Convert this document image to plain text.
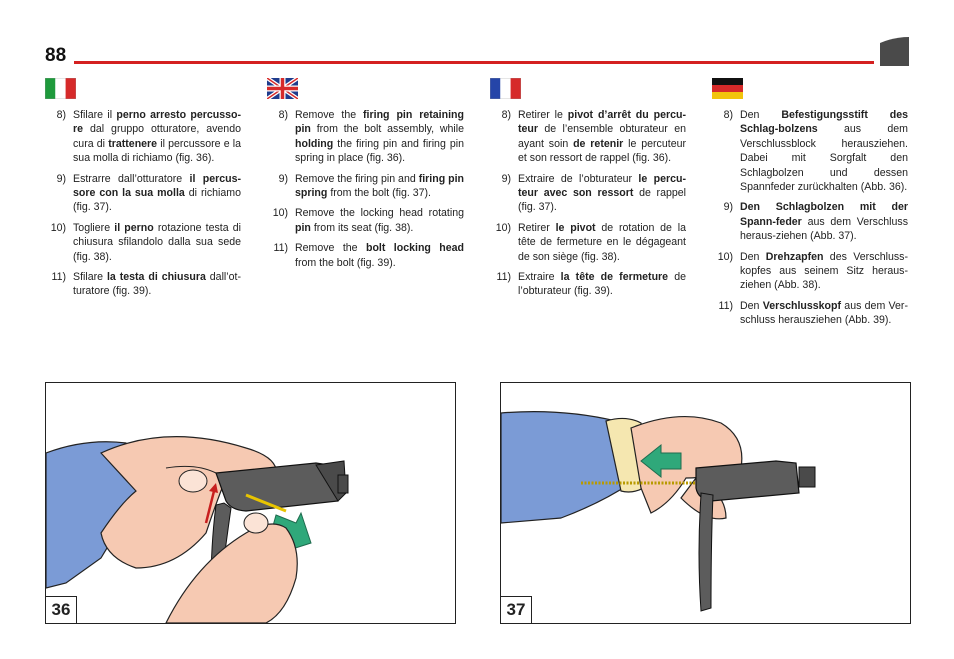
88
8) Sfilare il perno arresto percusso-re dal gruppo otturatore, avendo cura di trattenere il percussore e la sua molla di richiamo (fig. 36).
9) Estrarre dall’otturatore il percus-sore con la sua molla di richiamo (fig. 37).
10) Togliere il perno rotazione testa di chiusura sfilandolo dalla sua sede (fig. 38).
11) Sfilare la testa di chiusura dall’ot-turatore (fig. 39).
8) Remove the firing pin retaining pin from the bolt assembly, while holding the firing pin and firing pin spring in place (fig. 36).
9) Remove the firing pin and firing pin spring from the bolt (fig. 37).
10) Remove the locking head rotating pin from its seat (fig. 38).
11) Remove the bolt locking head from the bolt (fig. 39).
8) Retirer le pivot d’arrêt du percu-teur de l’ensemble obturateur en ayant soin de retenir le percuteur et son ressort de rappel (fig. 36).
9) Extraire de l’obturateur le percu-teur avec son ressort de rappel (fig. 37).
10) Retirer le pivot de rotation de la tête de fermeture en le dégageant de son siège (fig. 38).
11) Extraire la tête de fermeture de l’obturateur (fig. 39).
8) Den Befestigungsstift des Schlag-bolzens aus dem Verschlussblock herausziehen. Dabei mit Sorgfalt den Schlagbolzen und dessen Spannfeder zurückhalten (Abb. 36).
9) Den Schlagbolzen mit der Spann-feder aus dem Verschluss heraus-ziehen (Abb. 37).
10) Den Drehzapfen des Verschluss-kopfes aus seinem Sitz heraus-ziehen (Abb. 38).
11) Den Verschlusskopf aus dem Ver-schluss herausziehen (Abb. 39).
36	37
